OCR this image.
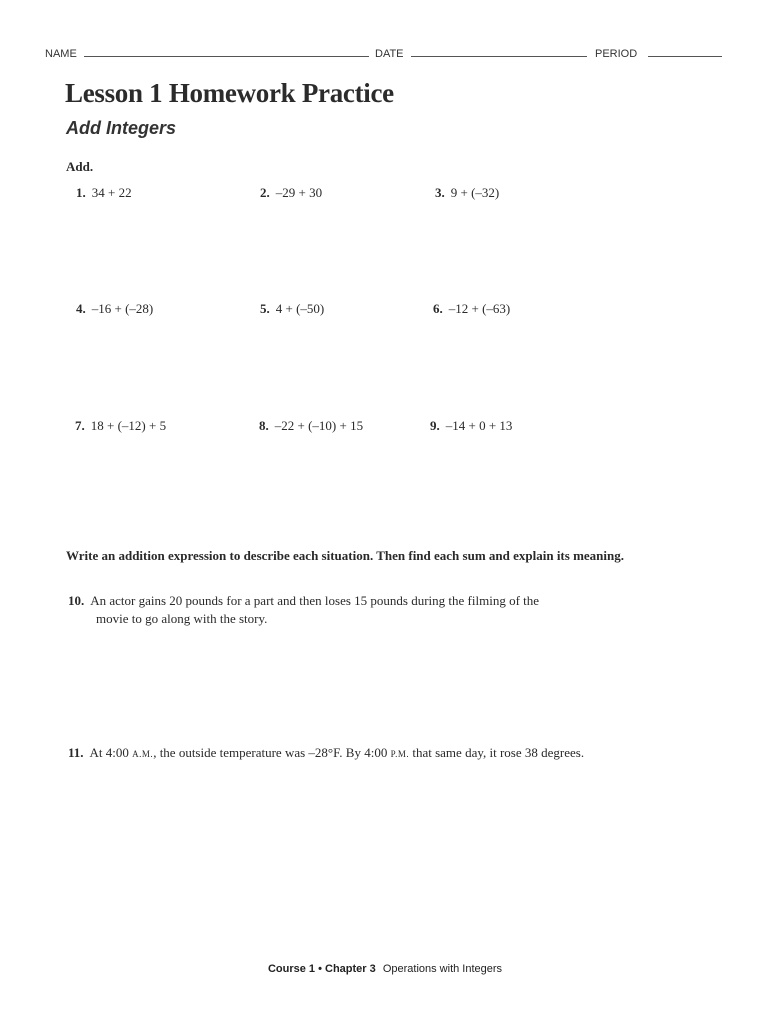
NAME	DATE	PERIOD
Lesson 1 Homework Practice
Add Integers
Add.
1. 34 + 22	2. –29 + 30	3. 9 + (–32)
4. –16 + (–28)	5. 4 + (–50)	6. –12 + (–63)
7. 18 + (–12) + 5	8. –22 + (–10) + 15	9. –14 + 0 + 13
Write an addition expression to describe each situation. Then find each sum and explain its meaning.
10. An actor gains 20 pounds for a part and then loses 15 pounds during the filming of the
movie to go along with the story.
11. At 4:00 A.M., the outside temperature was –28°F. By 4:00 P.M. that same day, it rose 38 degrees.
Course 1 • Chapter 3 Operations with Integers
